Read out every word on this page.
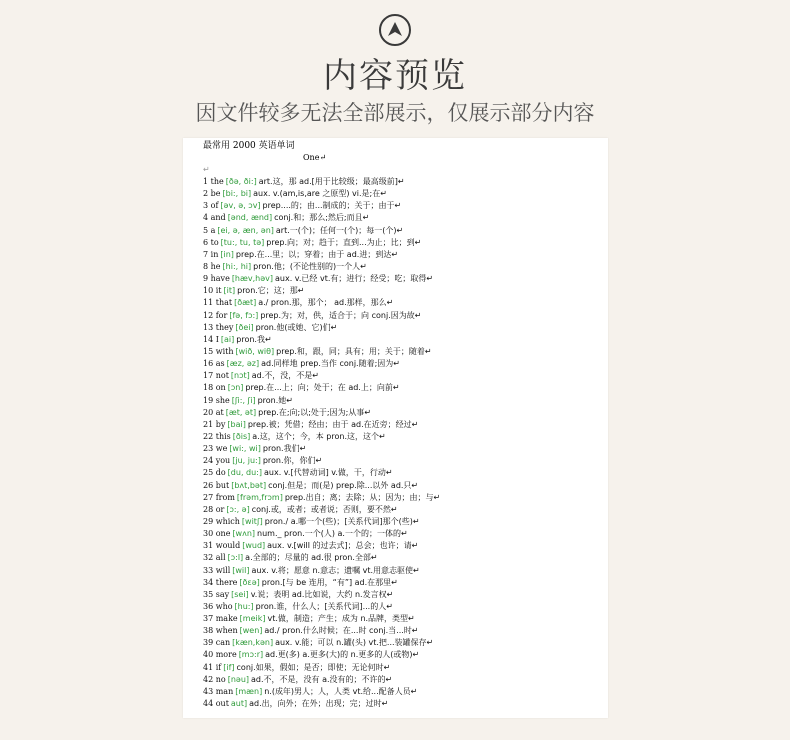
内容预览
因文件较多无法全部展示，仅展示部分内容
最常用 2000 英语单词
One↵
↵
1 the [ðə, ði:] art.这，那 ad.[用于比较级；最高级前]↵
2 be [bi:, bi] aux. v.(am,is,are 之原型) vi.是;在↵
3 of [əv, ə, ɔv] prep....的；由...制成的；关于；由于↵
4 and [ənd, ænd] conj.和；那么;然后;而且↵
5 a [ei, ə, æn, ən] art.一(个)；任何一(个)；每一(个)↵
6 to [tu:, tu, tə] prep.向；对；趋于；直到...为止；比；到↵
7 in [in] prep.在...里；以；穿着；由于 ad.进；到达↵
8 he [hi:, hi] pron.他；(不论性别的)一个人↵
9 have [hæv,həv] aux. v.已经 vt.有；进行；经受；吃；取得↵
10 it [it] pron.它；这；那↵
11 that [ðæt] a./ pron.那，那个； ad.那样，那么↵
12 for [fə, fɔ:] prep.为；对，供，适合于；向 conj.因为故↵
13 they [ðei] pron.他(或她、它)们↵
14 I [ai] pron.我↵
15 with [wið, wiθ] prep.和，跟，同；具有；用；关于；随着↵
16 as [æz, əz] ad.同样地 prep.当作 conj.随着;因为↵
17 not [nɔt] ad.不，没，不是↵
18 on [ɔn] prep.在...上；向；处于；在 ad.上；向前↵
19 she [ʃi:, ʃi] pron.她↵
20 at [æt, ət] prep.在;向;以;处于;因为;从事↵
21 by [bai] prep.被；凭借；经由；由于 ad.在近旁；经过↵
22 this [ðis] a.这，这个；今，本 pron.这，这个↵
23 we [wi:, wi] pron.我们↵
24 you [ju, ju:] pron.你，你们↵
25 do [du, du:] aux. v.[代替动词] v.做，干，行动↵
26 but [bʌt,bət] conj.但是；而(是) prep.除...以外 ad.只↵
27 from [frəm,frɔm] prep.出自；离；去除；从；因为；由；与↵
28 or [ɔ:, ə] conj.或，或者；或者说；否则，要不然↵
29 which [witʃ] pron./ a.哪一个(些)；[关系代词]那个(些)↵
30 one [wʌn] num._ pron.一个(人) a.一个的；一体的↵
31 would [wud] aux. v.[will 的过去式]；总会；也许；请↵
32 all [ɔ:l] a.全部的；尽量的 ad.很 pron.全部↵
33 will [wil] aux. v.将；愿意 n.意志；遗嘱 vt.用意志驱使↵
34 there [ðɛə] pron.[与 be 连用，“有”] ad.在那里↵
35 say [sei] v.说；表明 ad.比如说，大约 n.发言权↵
36 who [hu:] pron.谁，什么人；[关系代词]...的人↵
37 make [meik] vt.做，制造；产生；成为 n.品牌，类型↵
38 when [wen] ad./ pron.什么时候；在...时 conj.当...时↵
39 can [kæn,kən] aux. v.能；可以 n.罐(头) vt.把...装罐保存↵
40 more [mɔ:r] ad.更(多) a.更多(大)的 n.更多的人(或物)↵
41 if [if] conj.如果，假如；是否；即使；无论何时↵
42 no [nəu] ad.不，不是，没有 a.没有的；不许的↵
43 man [mæn] n.(成年)男人；人，人类 vt.给...配备人员↵
44 out aut] ad.出，向外；在外；出现；完；过时↵
